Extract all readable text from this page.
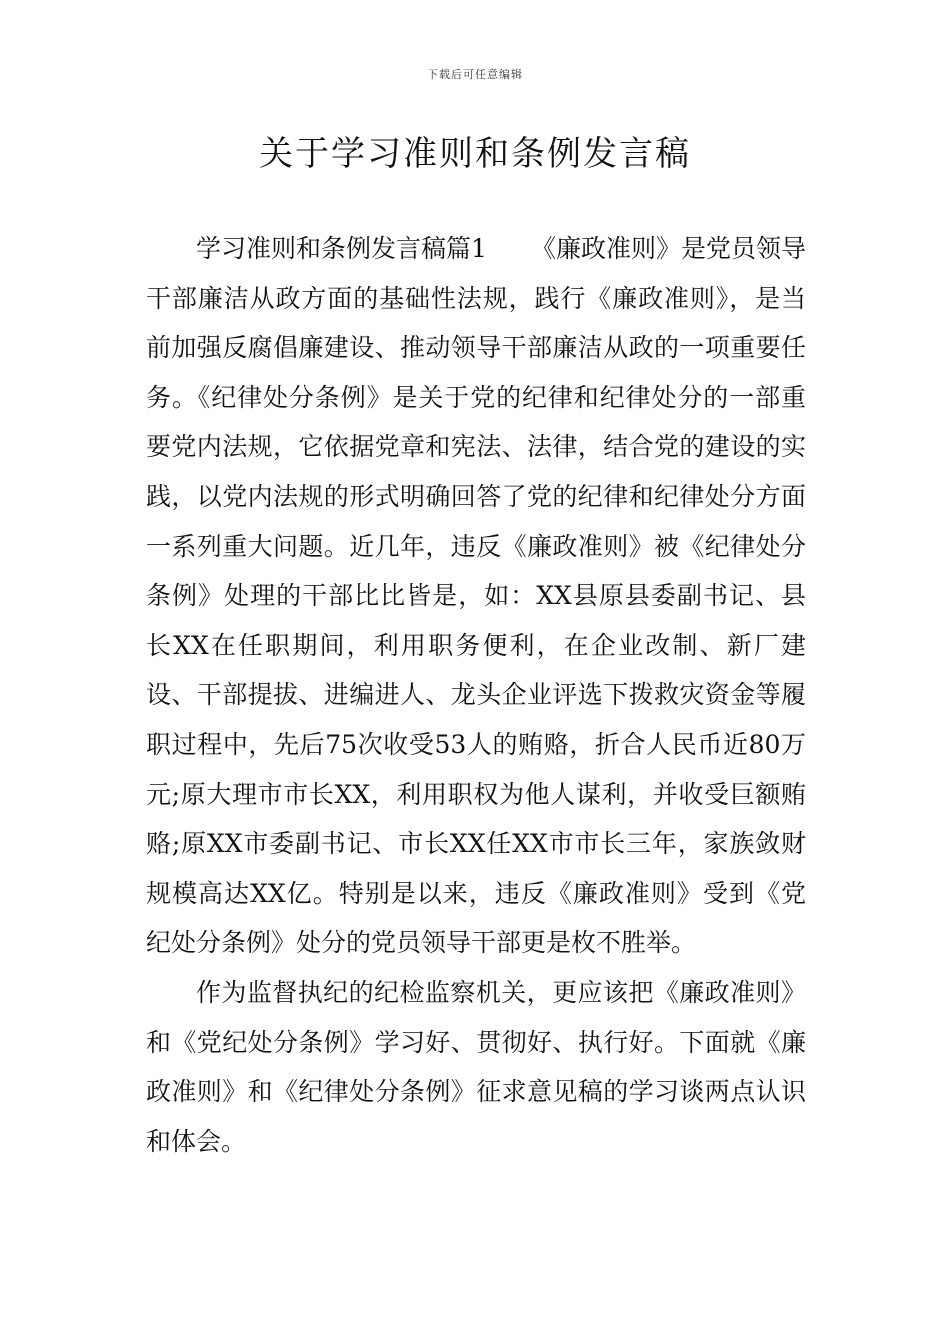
下载后可任意编辑
关于学习准则和条例发言稿

学习准则和条例发言稿篇1 《廉政准则》是党员领导干部廉洁从政方面的基础性法规，践行《廉政准则》，是当前加强反腐倡廉建设、推动领导干部廉洁从政的一项重要任务。《纪律处分条例》是关于党的纪律和纪律处分的一部重要党内法规，它依据党章和宪法、法律，结合党的建设的实践，以党内法规的形式明确回答了党的纪律和纪律处分方面一系列重大问题。近几年，违反《廉政准则》被《纪律处分条例》处理的干部比比皆是，如：XX县原县委副书记、县长XX在任职期间，利用职务便利，在企业改制、新厂建设、干部提拔、进编进人、龙头企业评选下拨救灾资金等履职过程中，先后75次收受53人的贿赂，折合人民币近80万元;原大理市市长XX，利用职权为他人谋利，并收受巨额贿赂;原XX市委副书记、市长XX任XX市市长三年，家族敛财规模高达XX亿。特别是以来，违反《廉政准则》受到《党纪处分条例》处分的党员领导干部更是枚不胜举。

作为监督执纪的纪检监察机关，更应该把《廉政准则》和《党纪处分条例》学习好、贯彻好、执行好。下面就《廉政准则》和《纪律处分条例》征求意见稿的学习谈两点认识和体会。
